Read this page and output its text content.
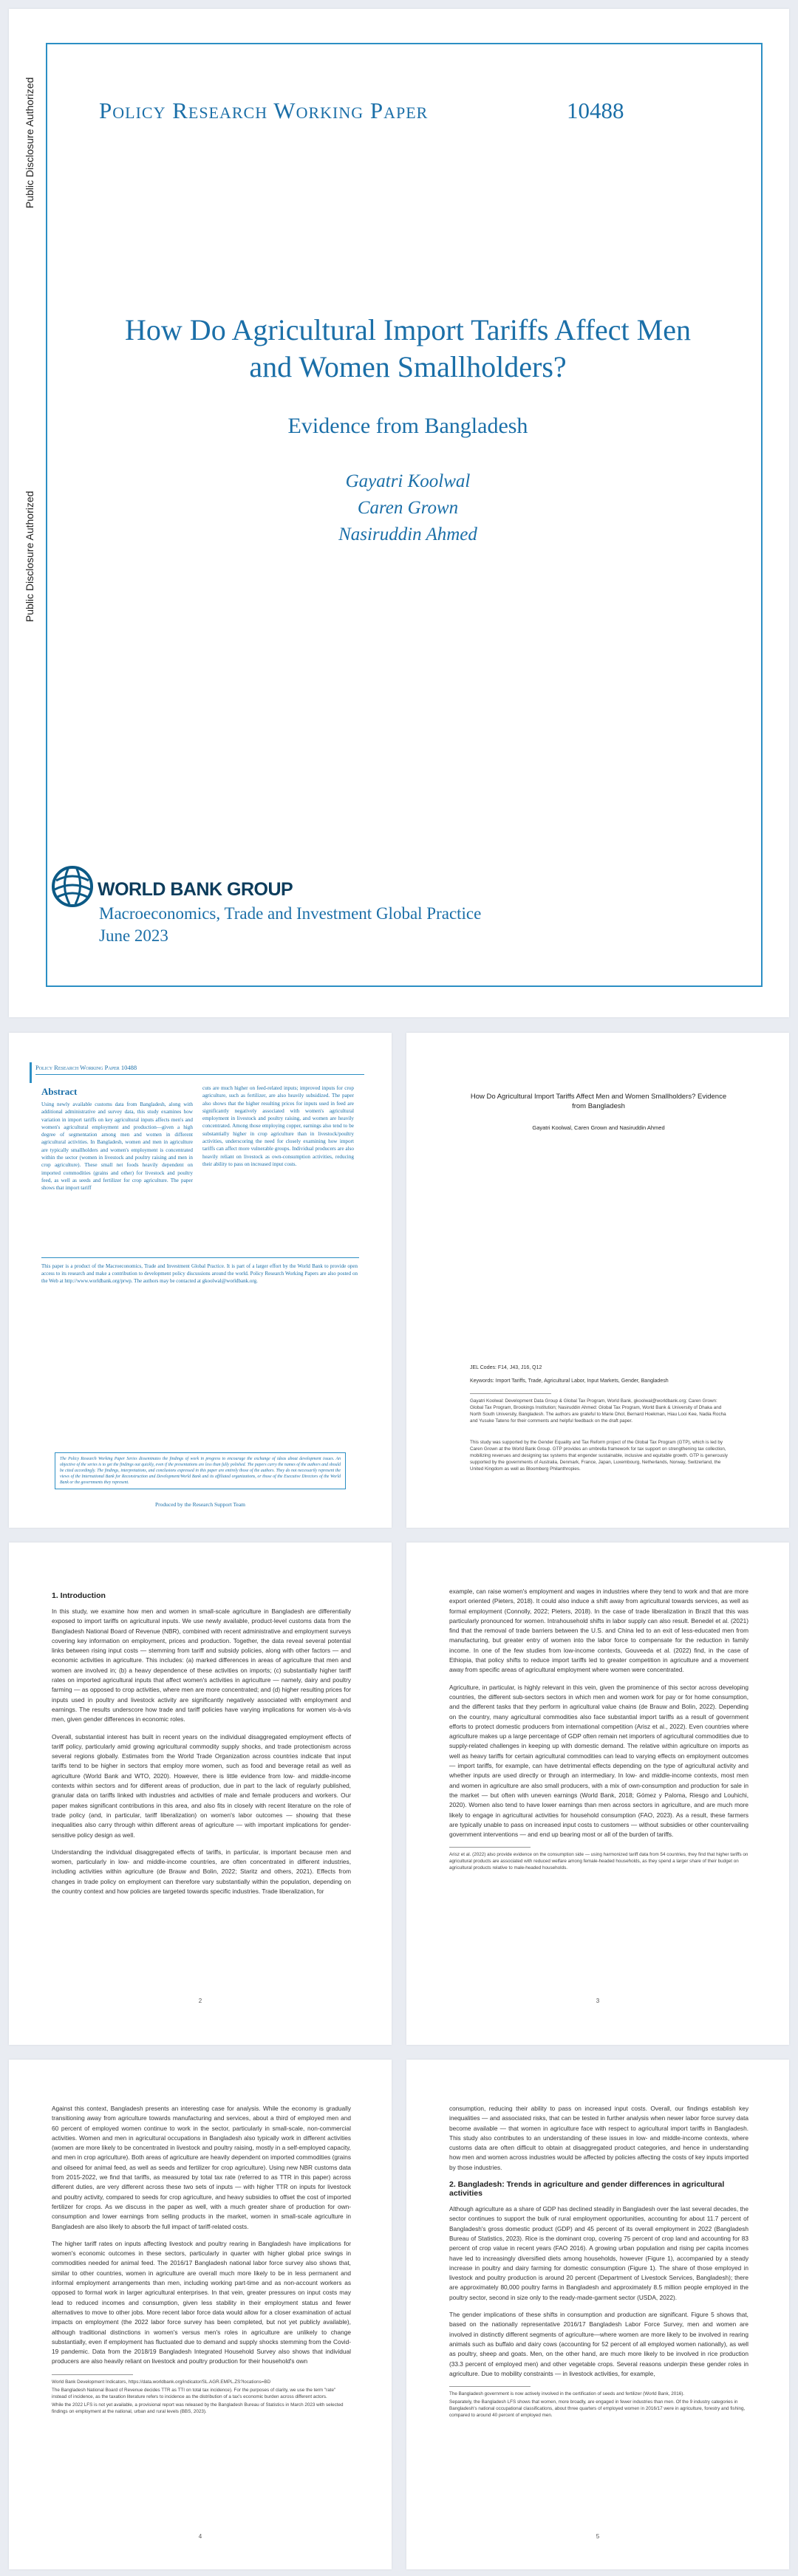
Public Disclosure Authorized
Public Disclosure Authorized
Policy Research Working Paper	10488
How Do Agricultural Import Tariffs Affect Men and Women Smallholders?
Evidence from Bangladesh
Gayatri Koolwal
Caren Grown
Nasiruddin Ahmed
WORLD BANK GROUP
Macroeconomics, Trade and Investment Global Practice
June 2023
Policy Research Working Paper 10488
Abstract
Using newly available customs data from Bangladesh, along with additional administrative and survey data, this study examines how variation in import tariffs on key agricultural inputs affects men's and women's agricultural employment and production—given a high degree of segmentation among men and women in different agricultural activities. In Bangladesh, women and men in agriculture are typically smallholders and women's employment is concentrated within the sector (women in livestock and poultry raising and men in crop agriculture). These small net foods heavily dependent on imported commodities (grains and other) for livestock and poultry feed, as well as seeds and fertilizer for crop agriculture. The paper shows that import tariff
cuts are much higher on feed-related inputs; improved inputs for crop agriculture, such as fertilizer, are also heavily subsidized. The paper also shows that the higher resulting prices for inputs used in feed are significantly negatively associated with women's agricultural employment in livestock and poultry raising, and women are heavily concentrated. Among those employing copper, earnings also tend to be substantially higher in crop agriculture than in livestock/poultry activities, underscoring the need for closely examining how import tariffs can affect more vulnerable groups. Individual producers are also heavily reliant on livestock as own-consumption activities, reducing their ability to pass on increased input costs.
This paper is a product of the Macroeconomics, Trade and Investment Global Practice. It is part of a larger effort by the World Bank to provide open access to its research and make a contribution to development policy discussions around the world. Policy Research Working Papers are also posted on the Web at http://www.worldbank.org/prwp. The authors may be contacted at gkoolwal@worldbank.org.
The Policy Research Working Paper Series disseminates the findings of work in progress to encourage the exchange of ideas about development issues. An objective of the series is to get the findings out quickly, even if the presentations are less than fully polished. The papers carry the names of the authors and should be cited accordingly. The findings, interpretations, and conclusions expressed in this paper are entirely those of the authors. They do not necessarily represent the views of the International Bank for Reconstruction and Development/World Bank and its affiliated organizations, or those of the Executive Directors of the World Bank or the governments they represent.
Produced by the Research Support Team
How Do Agricultural Import Tariffs Affect Men and Women Smallholders? Evidence from Bangladesh
Gayatri Koolwal, Caren Grown and Nasiruddin Ahmed
JEL Codes: F14, J43, J16, Q12
Keywords: Import Tariffs, Trade, Agricultural Labor, Input Markets, Gender, Bangladesh
Gayatri Koolwal: Development Data Group & Global Tax Program, World Bank, gkoolwal@worldbank.org; Caren Grown: Global Tax Program, Brookings Institution; Nasiruddin Ahmed: Global Tax Program, World Bank & University of Dhaka and North South University, Bangladesh. The authors are grateful to Marie Dhol, Bernard Hoekman, Hiau Looi Kee, Nadia Rocha and Yusuke Tateno for their comments and helpful feedback on the draft paper.
This study was supported by the Gender Equality and Tax Reform project of the Global Tax Program (GTP), which is led by Caren Grown at the World Bank Group. GTP provides an umbrella framework for tax support on strengthening tax collection, mobilizing revenues and designing tax systems that engender sustainable, inclusive and equitable growth. GTP is generously supported by the governments of Australia, Denmark, France, Japan, Luxembourg, Netherlands, Norway, Switzerland, the United Kingdom as well as Bloomberg Philanthropies.
1. Introduction

In this study, we examine how men and women in small-scale agriculture in Bangladesh are differentially exposed to import tariffs on agricultural inputs. We use newly available, product-level customs data from the Bangladesh National Board of Revenue (NBR), combined with recent administrative and employment surveys covering key information on employment, prices and production. Together, the data reveal several potential links between rising input costs — stemming from tariff and subsidy policies, along with other factors — and economic activities in agriculture. This includes: (a) marked differences in areas of agriculture that men and women are involved in; (b) a heavy dependence of these activities on imports; (c) substantially higher tariff rates on imported agricultural inputs that affect women's activities in agriculture — namely, dairy and poultry farming — as opposed to crop activities, where men are more concentrated; and (d) higher resulting prices for inputs used in poultry and livestock activity are significantly negatively associated with employment and earnings. The results underscore how trade and tariff policies have varying implications for women vis-à-vis men, given gender differences in economic roles.

Overall, substantial interest has built in recent years on the individual disaggregated employment effects of tariff policy, particularly amid growing agricultural commodity supply shocks, and trade protectionism across several regions globally. Estimates from the World Trade Organization across countries indicate that input tariffs tend to be higher in sectors that employ more women, such as food and beverage retail as well as agriculture (World Bank and WTO, 2020). However, there is little evidence from low- and middle-income contexts within sectors and for different areas of production, due in part to the lack of regularly published, granular data on tariffs linked with industries and activities of male and female producers and workers. Our paper makes significant contributions in this area, and also fits in closely with recent literature on the role of trade policy (and, in particular, tariff liberalization) on women's labor outcomes — showing that these inequalities also carry through within different areas of agriculture — with important implications for gender-sensitive policy design as well.

Understanding the individual disaggregated effects of tariffs, in particular, is important because men and women, particularly in low- and middle-income countries, are often concentrated in different industries, including activities within agriculture (de Brauw and Bolin, 2022; Staritz and others, 2021). Effects from changes in trade policy on employment can therefore vary substantially within the population, depending on the country context and how policies are targeted towards specific industries. Trade liberalization, for

2

example, can raise women's employment and wages in industries where they tend to work and that are more export oriented (Pieters, 2018). It could also induce a shift away from agricultural towards services, as well as formal employment (Connolly, 2022; Pieters, 2018). In the case of trade liberalization in Brazil that this was particularly pronounced for women. Intrahousehold shifts in labor supply can also result. Benedel et al. (2021) find that the removal of trade barriers between the U.S. and China led to an exit of less-educated men from manufacturing, but greater entry of women into the labor force to compensate for the reduction in family income. In one of the few studies from low-income contexts, Gouveeda et al. (2022) find, in the case of Ethiopia, that policy shifts to reduce import tariffs led to greater competition in agriculture and a movement away from specific areas of agricultural employment where women were concentrated.

Agriculture, in particular, is highly relevant in this vein, given the prominence of this sector across developing countries, the different sub-sectors sectors in which men and women work for pay or for home consumption, and the different tasks that they perform in agricultural value chains (de Brauw and Bolin, 2022). Depending on the country, many agricultural commodities also face substantial import tariffs as a result of government efforts to protect domestic producers from international competition (Arisz et al., 2022). Even countries where agriculture makes up a large percentage of GDP often remain net importers of agricultural commodities due to supply-related challenges in keeping up with domestic demand. The relative within agriculture on imports as well as heavy tariffs for certain agricultural commodities can lead to varying effects on employment outcomes — import tariffs, for example, can have detrimental effects depending on the type of agricultural activity and whether inputs are used directly or through an intermediary. In low- and middle-income contexts, most men and women in agriculture are also small producers, with a mix of own-consumption and production for sale in the market — but often with uneven earnings (World Bank, 2018; Gómez y Paloma, Riesgo and Louhichi, 2020). Women also tend to have lower earnings than men across sectors in agriculture, and are much more likely to engage in agricultural activities for household consumption (FAO, 2023). As a result, these farmers are typically unable to pass on increased input costs to customers — without subsidies or other countervailing government interventions — and end up bearing most or all of the burden of tariffs.

Arisz et al. (2022) also provide evidence on the consumption side — using harmonized tariff data from 54 countries, they find that higher tariffs on agricultural products are associated with reduced welfare among female-headed households, as they spend a larger share of their budget on agricultural products relative to male-headed households.

3

Against this context, Bangladesh presents an interesting case for analysis. While the economy is gradually transitioning away from agriculture towards manufacturing and services, about a third of employed men and 60 percent of employed women continue to work in the sector, particularly in small-scale, non-commercial activities. Women and men in agricultural occupations in Bangladesh also typically work in different activities (women are more likely to be concentrated in livestock and poultry raising, mostly in a self-employed capacity, and men in crop agriculture). Both areas of agriculture are heavily dependent on imported commodities (grains and oilseed for animal feed, as well as seeds and fertilizer for crop agriculture). Using new NBR customs data from 2015-2022, we find that tariffs, as measured by total tax rate (referred to as TTR in this paper) across different duties, are very different across these two sets of inputs — with higher TTR on inputs for livestock and poultry activity, compared to seeds for crop agriculture, and heavy subsidies to offset the cost of imported fertilizer for crops. As we discuss in the paper as well, with a much greater share of production for own-consumption and lower earnings from selling products in the market, women in small-scale agriculture in Bangladesh are also likely to absorb the full impact of tariff-related costs.

The higher tariff rates on inputs affecting livestock and poultry rearing in Bangladesh have implications for women's economic outcomes in these sectors, particularly in quarter with higher global price swings in commodities needed for animal feed. The 2016/17 Bangladesh national labor force survey also shows that, similar to other countries, women in agriculture are overall much more likely to be in less permanent and informal employment arrangements than men, including working part-time and as non-account workers as opposed to formal work in larger agricultural enterprises. In that vein, greater pressures on input costs may lead to reduced incomes and consumption, given less stability in their employment status and fewer alternatives to move to other jobs. More recent labor force data would allow for a closer examination of actual impacts on employment (the 2022 labor force survey has been completed, but not yet publicly available), although traditional distinctions in women's versus men's roles in agriculture are unlikely to change substantially, even if employment has fluctuated due to demand and supply shocks stemming from the Covid-19 pandemic. Data from the 2018/19 Bangladesh Integrated Household Survey also shows that individual producers are also heavily reliant on livestock and poultry production for their household's own

World Bank Development Indicators, https://data.worldbank.org/indicator/SL.AGR.EMPL.ZS?locations=BD

The Bangladesh National Board of Revenue decides TTR as TTI on total tax incidence). For the purposes of clarity, we use the term "rate" instead of incidence, as the taxation literature refers to incidence as the distribution of a tax's economic burden across different actors.

While the 2022 LFS is not yet available, a provisional report was released by the Bangladesh Bureau of Statistics in March 2023 with selected findings on employment at the national, urban and rural levels (BBS, 2023).

4

consumption, reducing their ability to pass on increased input costs. Overall, our findings establish key inequalities — and associated risks, that can be tested in further analysis when newer labor force survey data become available — that women in agriculture face with respect to agricultural import tariffs in Bangladesh. This study also contributes to an understanding of these issues in low- and middle-income contexts, where customs data are often difficult to obtain at disaggregated product categories, and hence in understanding how men and women across industries would be affected by policies affecting the costs of key inputs imported by those industries.

2. Bangladesh: Trends in agriculture and gender differences in agricultural activities

Although agriculture as a share of GDP has declined steadily in Bangladesh over the last several decades, the sector continues to support the bulk of rural employment opportunities, accounting for about 11.7 percent of Bangladesh's gross domestic product (GDP) and 45 percent of its overall employment in 2022 (Bangladesh Bureau of Statistics, 2023). Rice is the dominant crop, covering 75 percent of crop land and accounting for 83 percent of crop value in recent years (FAO 2016). A growing urban population and rising per capita incomes have led to increasingly diversified diets among households, however (Figure 1), accompanied by a steady increase in poultry and dairy farming for domestic consumption (Figure 1). The share of those employed in livestock and poultry production is around 20 percent (Department of Livestock Services, Bangladesh); there are approximately 80,000 poultry farms in Bangladesh and approximately 8.5 million people employed in the poultry sector, second in size only to the ready-made-garment sector (USDA, 2022).

The gender implications of these shifts in consumption and production are significant. Figure 5 shows that, based on the nationally representative 2016/17 Bangladesh Labor Force Survey, men and women are involved in distinctly different segments of agriculture—where women are more likely to be involved in rearing animals such as buffalo and dairy cows (accounting for 52 percent of all employed women nationally), as well as poultry, sheep and goats. Men, on the other hand, are much more likely to be involved in rice production (33.3 percent of employed men) and other vegetable crops. Several reasons underpin these gender roles in agriculture. Due to mobility constraints — in livestock activities, for example,

The Bangladesh government is now actively involved in the certification of seeds and fertilizer (World Bank, 2016).

Separately, the Bangladesh LFS shows that women, more broadly, are engaged in fewer industries than men. Of the 9 industry categories in Bangladesh's national occupational classifications, about three quarters of employed women in 2016/17 were in agriculture, forestry and fishing, compared to around 40 percent of employed men.

5
